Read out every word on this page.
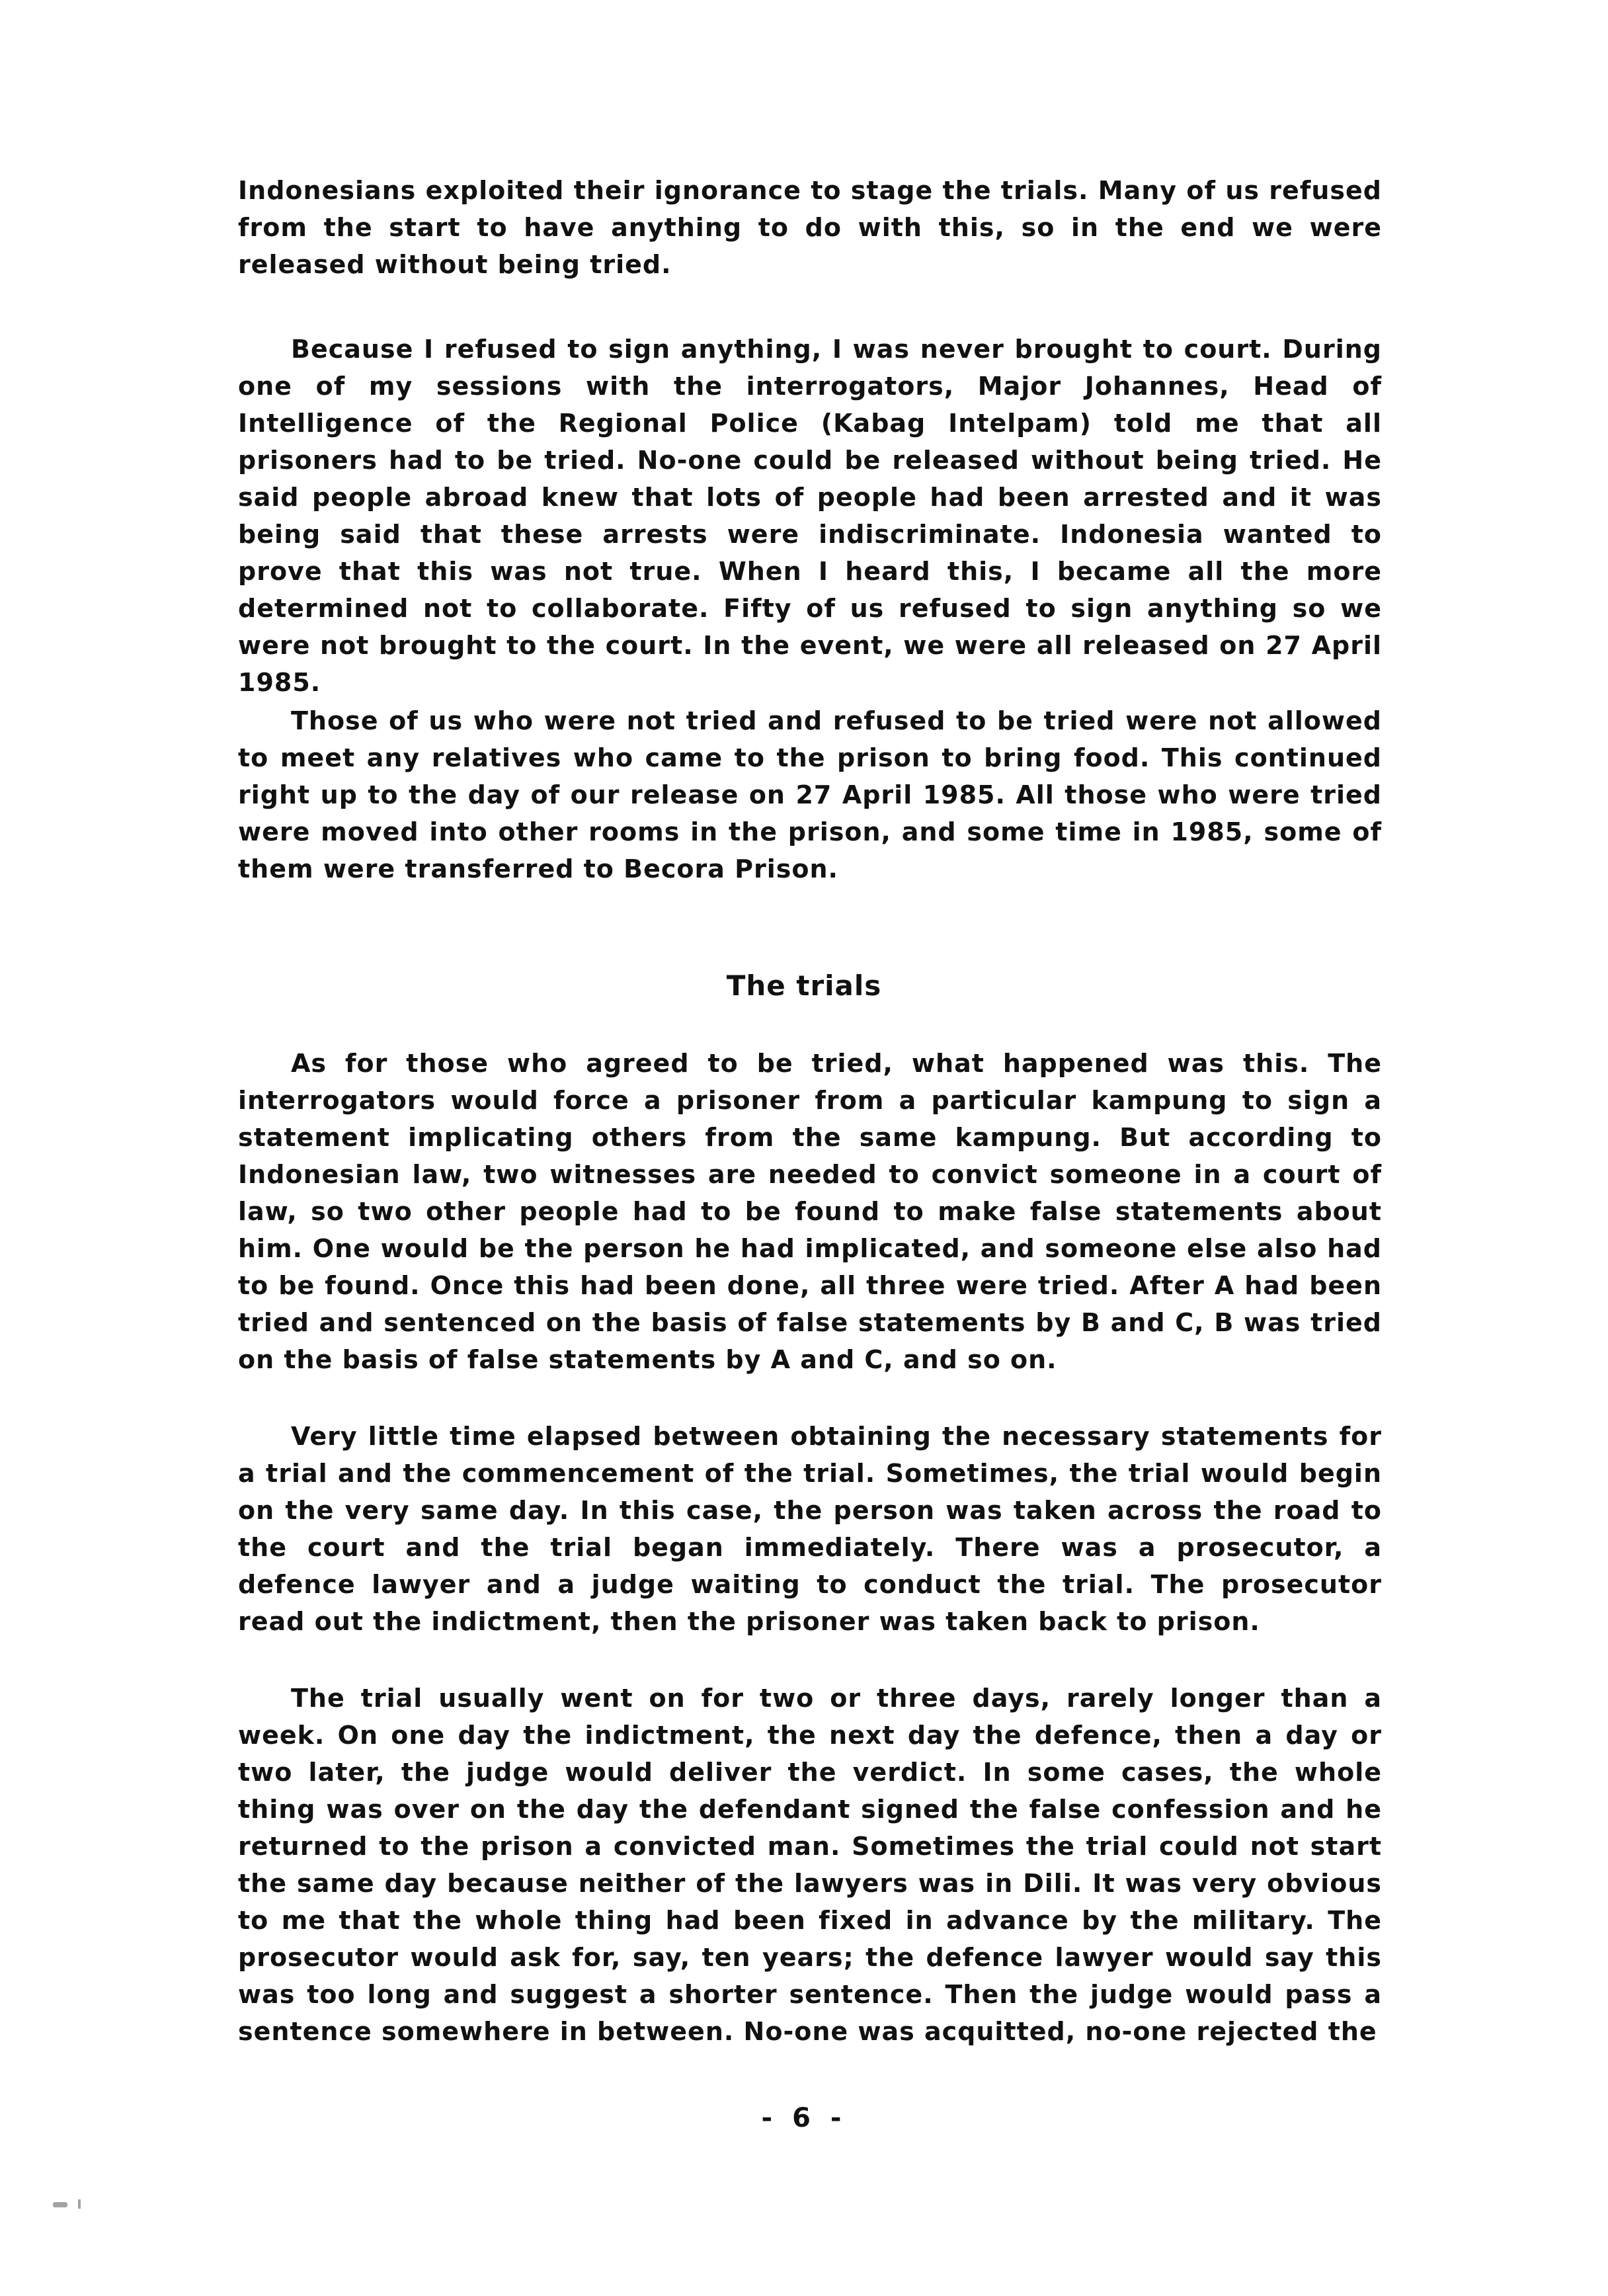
Indonesians exploited their ignorance to stage the trials. Many of us refused from the start to have anything to do with this, so in the end we were released without being tried.

Because I refused to sign anything, I was never brought to court. During one of my sessions with the interrogators, Major Johannes, Head of Intelligence of the Regional Police (Kabag Intelpam) told me that all prisoners had to be tried. No-one could be released without being tried. He said people abroad knew that lots of people had been arrested and it was being said that these arrests were indiscriminate. Indonesia wanted to prove that this was not true. When I heard this, I became all the more determined not to collaborate. Fifty of us refused to sign anything so we were not brought to the court. In the event, we were all released on 27 April 1985.

Those of us who were not tried and refused to be tried were not allowed to meet any relatives who came to the prison to bring food. This continued right up to the day of our release on 27 April 1985. All those who were tried were moved into other rooms in the prison, and some time in 1985, some of them were transferred to Becora Prison.

The trials

As for those who agreed to be tried, what happened was this. The interrogators would force a prisoner from a particular kampung to sign a statement implicating others from the same kampung. But according to Indonesian law, two witnesses are needed to convict someone in a court of law, so two other people had to be found to make false statements about him. One would be the person he had implicated, and someone else also had to be found. Once this had been done, all three were tried. After A had been tried and sentenced on the basis of false statements by B and C, B was tried on the basis of false statements by A and C, and so on.

Very little time elapsed between obtaining the necessary statements for a trial and the commencement of the trial. Sometimes, the trial would begin on the very same day. In this case, the person was taken across the road to the court and the trial began immediately. There was a prosecutor, a defence lawyer and a judge waiting to conduct the trial. The prosecutor read out the indictment, then the prisoner was taken back to prison.

The trial usually went on for two or three days, rarely longer than a week. On one day the indictment, the next day the defence, then a day or two later, the judge would deliver the verdict. In some cases, the whole thing was over on the day the defendant signed the false confession and he returned to the prison a convicted man. Sometimes the trial could not start the same day because neither of the lawyers was in Dili. It was very obvious to me that the whole thing had been fixed in advance by the military. The prosecutor would ask for, say, ten years; the defence lawyer would say this was too long and suggest a shorter sentence. Then the judge would pass a sentence somewhere in between. No-one was acquitted, no-one rejected the

- 6 -
